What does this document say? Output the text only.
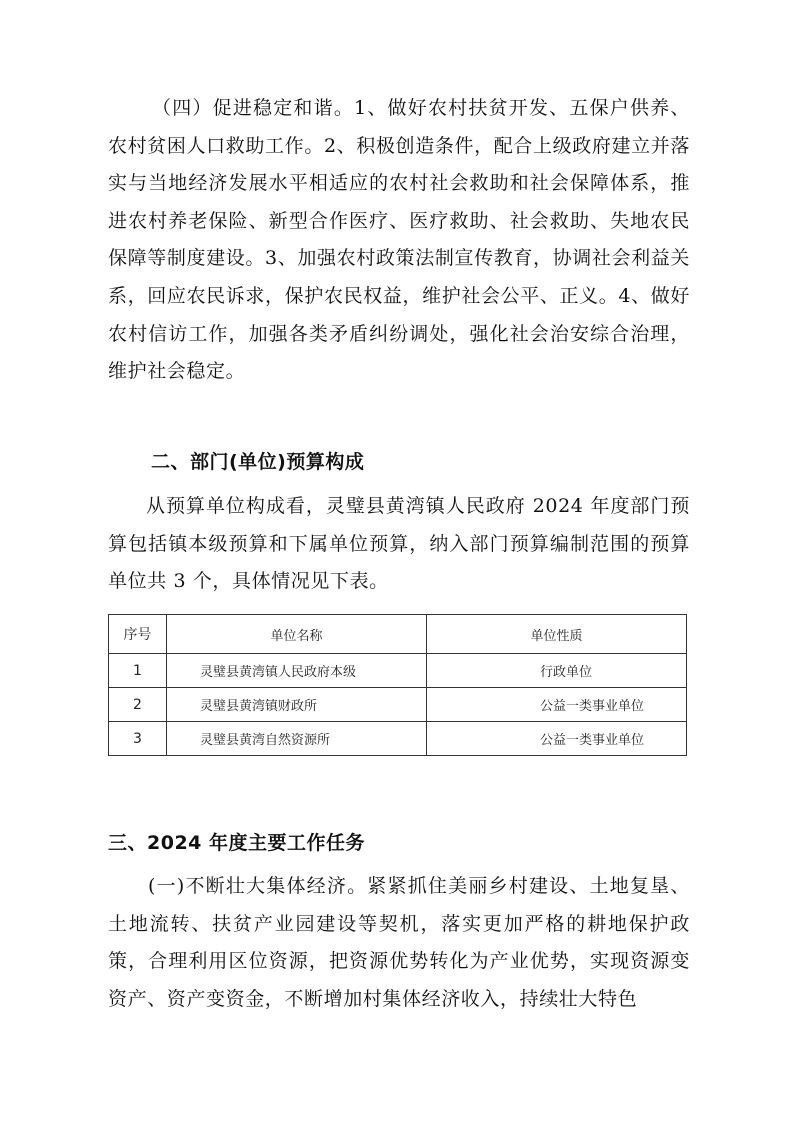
（四）促进稳定和谐。1、做好农村扶贫开发、五保户供养、农村贫困人口救助工作。2、积极创造条件，配合上级政府建立并落实与当地经济发展水平相适应的农村社会救助和社会保障体系，推进农村养老保险、新型合作医疗、医疗救助、社会救助、失地农民保障等制度建设。3、加强农村政策法制宣传教育，协调社会利益关系，回应农民诉求，保护农民权益，维护社会公平、正义。4、做好农村信访工作，加强各类矛盾纠纷调处，强化社会治安综合治理，维护社会稳定。

二、部门(单位)预算构成

从预算单位构成看，灵璧县黄湾镇人民政府 2024 年度部门预算包括镇本级预算和下属单位预算，纳入部门预算编制范围的预算单位共 3 个，具体情况见下表。

序号	单位名称	单位性质
1	灵璧县黄湾镇人民政府本级	行政单位
2	灵璧县黄湾镇财政所	公益一类事业单位
3	灵璧县黄湾自然资源所	公益一类事业单位
三、2024 年度主要工作任务

(一)不断壮大集体经济。紧紧抓住美丽乡村建设、土地复垦、土地流转、扶贫产业园建设等契机，落实更加严格的耕地保护政策，合理利用区位资源，把资源优势转化为产业优势，实现资源变资产、资产变资金，不断增加村集体经济收入，持续壮大特色
